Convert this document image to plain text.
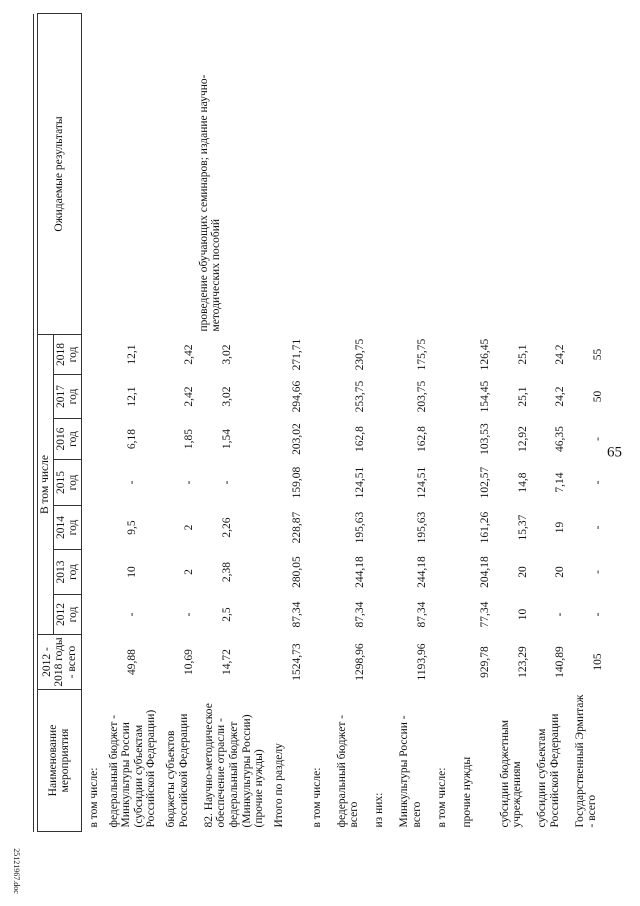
Наименование мероприятия	2012 - 2018 годы - всего	В том числе							Ожидаемые результаты
		2012 год	2013 год	2014 год	2015 год	2016 год	2017 год	2018 год	
в том числе:									
федеральный бюджет - Минкультуры России (субсидии субъектам Российской Федерации)	49,88	-	10	9,5	-	6,18	12,1	12,1	
бюджеты субъектов Российской Федерации	10,69	-	2	2	-	1,85	2,42	2,42	
82. Научно-методическое обеспечение отрасли - федеральный бюджет (Минкультуры России) (прочие нужды)	14,72	2,5	2,38	2,26	-	1,54	3,02	3,02	проведение обучающих семинаров; издание научно-методических пособий
Итого по разделу	1524,73	87,34	280,05	228,87	159,08	203,02	294,66	271,71	
в том числе:									
федеральный бюджет - всего	1298,96	87,34	244,18	195,63	124,51	162,8	253,75	230,75	
из них:									
Минкультуры России - всего	1193,96	87,34	244,18	195,63	124,51	162,8	203,75	175,75	
в том числе:									
прочие нужды	929,78	77,34	204,18	161,26	102,57	103,53	154,45	126,45	
субсидии бюджетным учреждениям	123,29	10	20	15,37	14,8	12,92	25,1	25,1	
субсидии субъектам Российской Федерации	140,89	-	20	19	7,14	46,35	24,2	24,2	
Государственный Эрмитаж - всего	105	-	-	-	-	-	50	55	
65
25121967.doc
